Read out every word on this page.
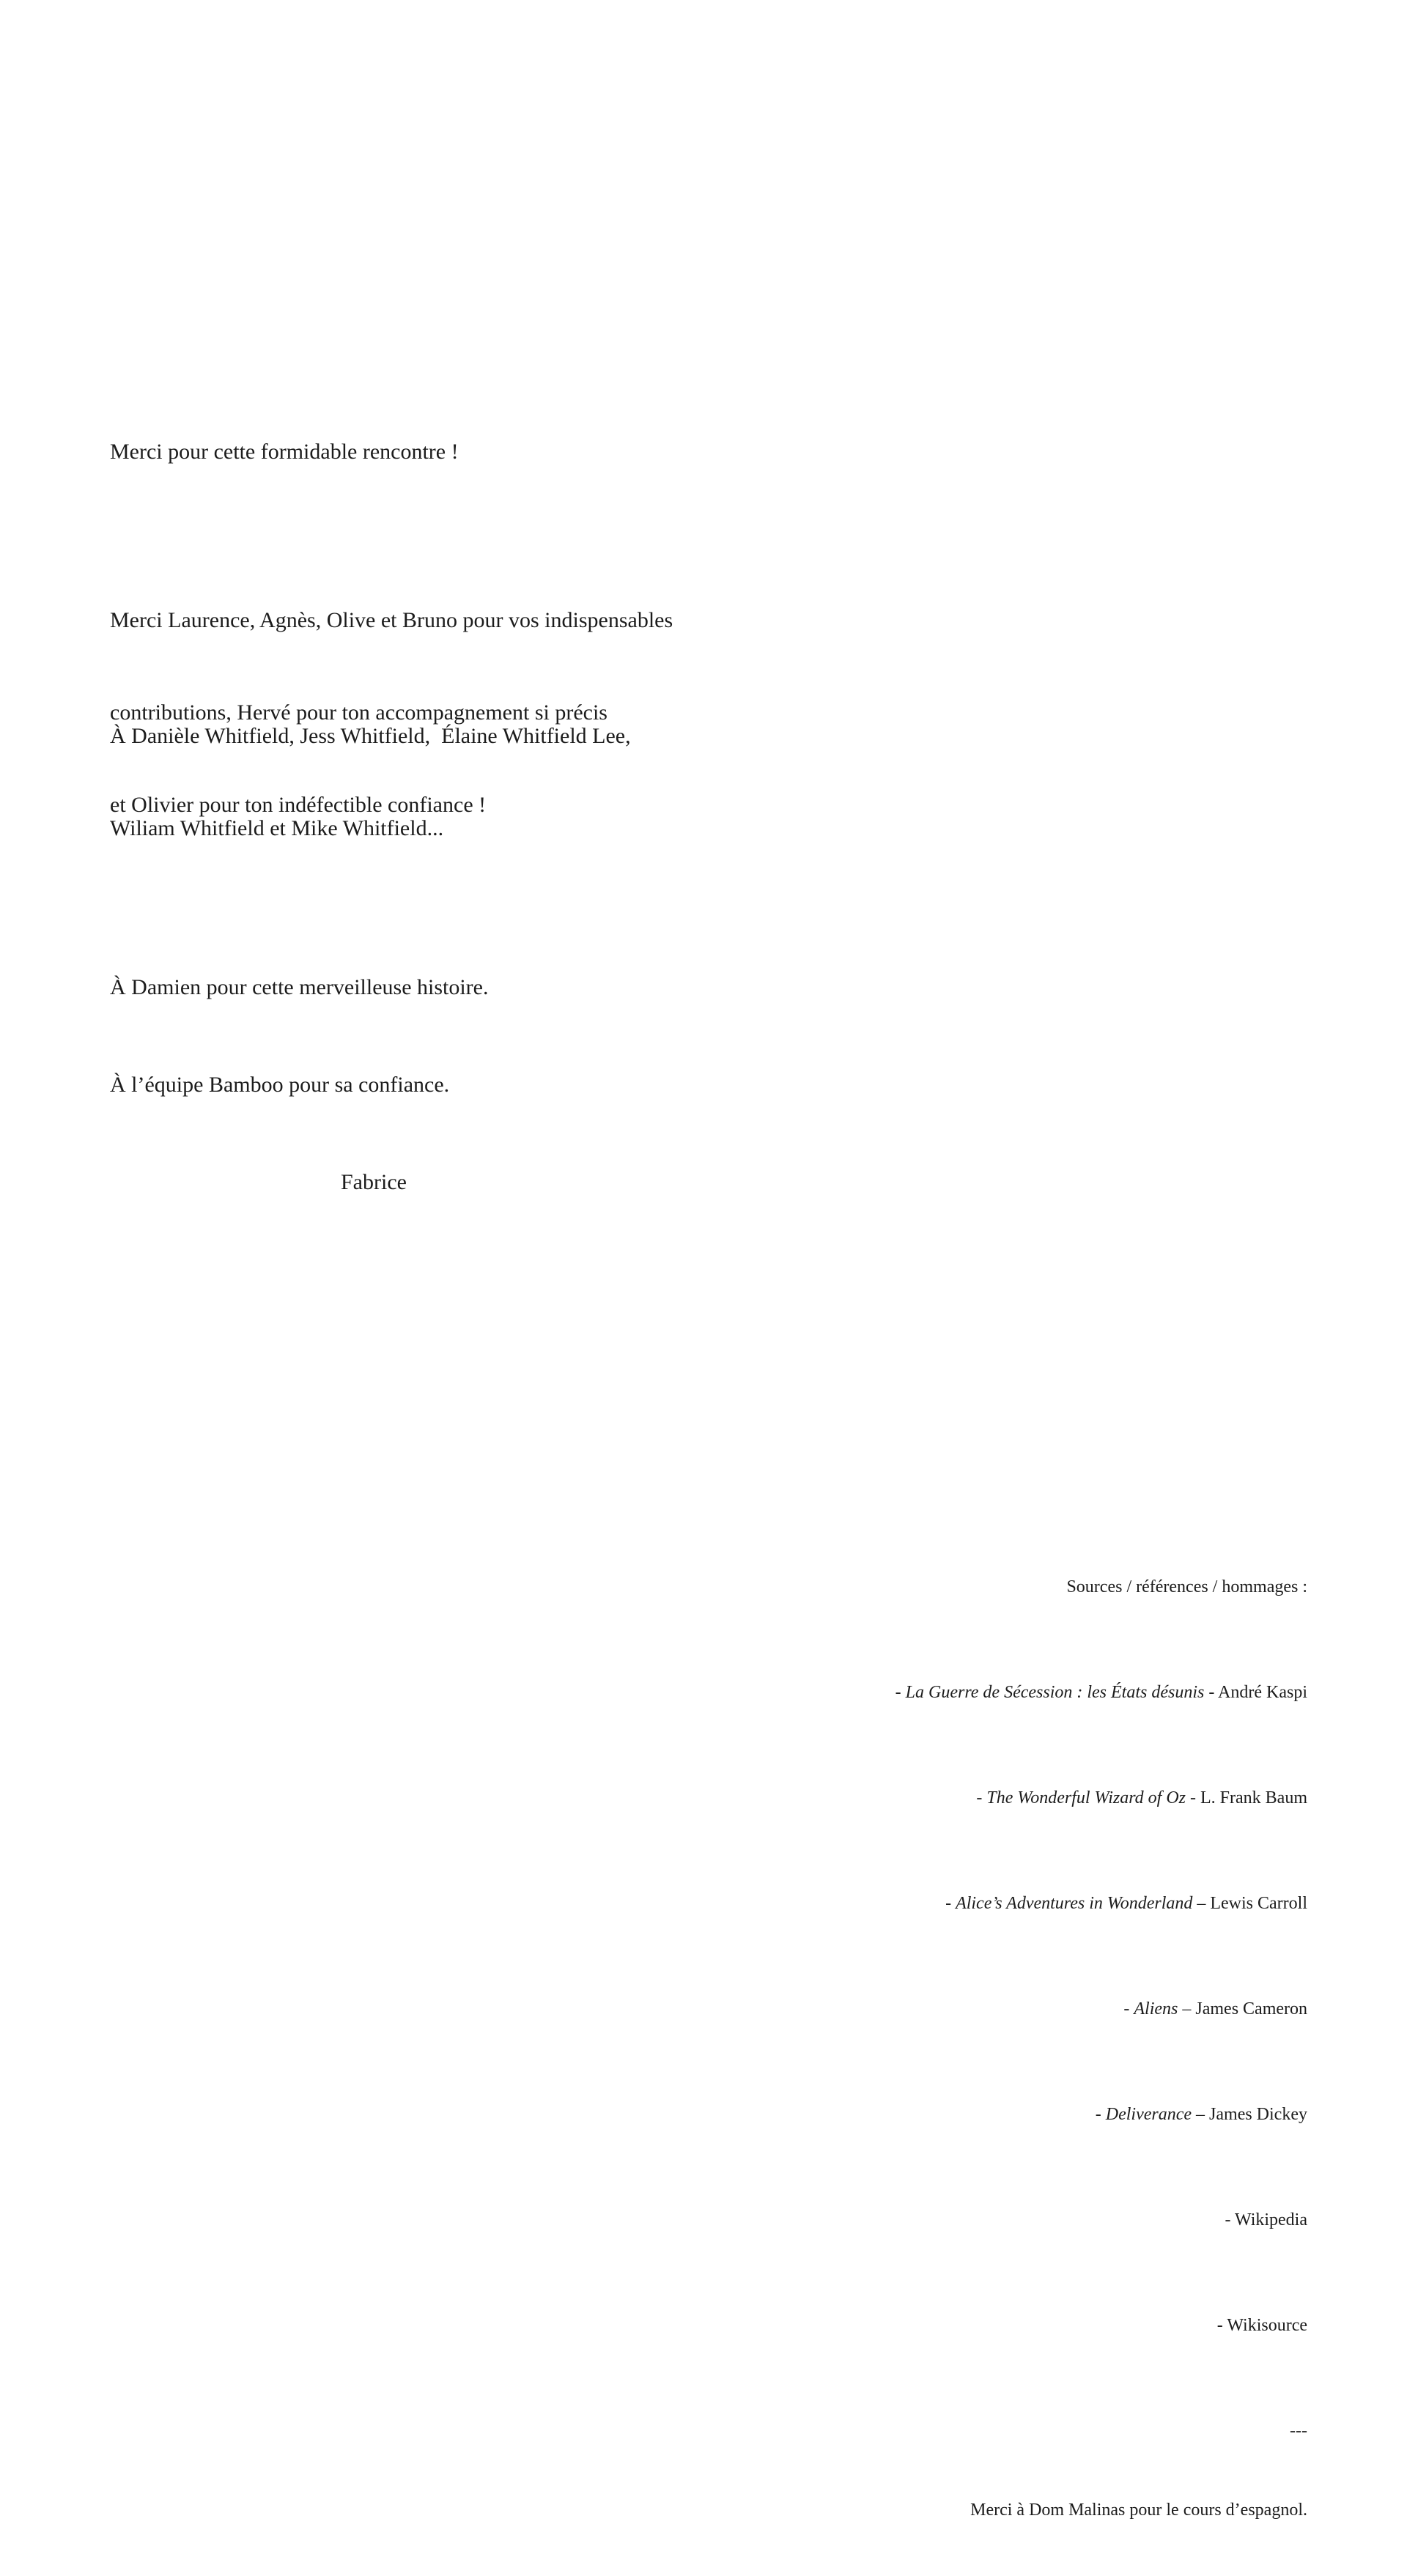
Merci pour cette formidable rencontre !

Merci Laurence, Agnès, Olive et Bruno pour vos indispensables

contributions, Hervé pour ton accompagnement si précis

et Olivier pour ton indéfectible confiance !

À Danièle Whitfield, Jess Whitfield,  Élaine Whitfield Lee,

Wiliam Whitfield et Mike Whitfield...

À Damien pour cette merveilleuse histoire.

À l’équipe Bamboo pour sa confiance.

Fabrice

Sources / références / hommages :

- La Guerre de Sécession : les États désunis - André Kaspi

- The Wonderful Wizard of Oz - L. Frank Baum

- Alice’s Adventures in Wonderland – Lewis Carroll

- Aliens – James Cameron

- Deliverance – James Dickey

- Wikipedia

- Wikisource

---

Merci à Dom Malinas pour le cours d’espagnol.
